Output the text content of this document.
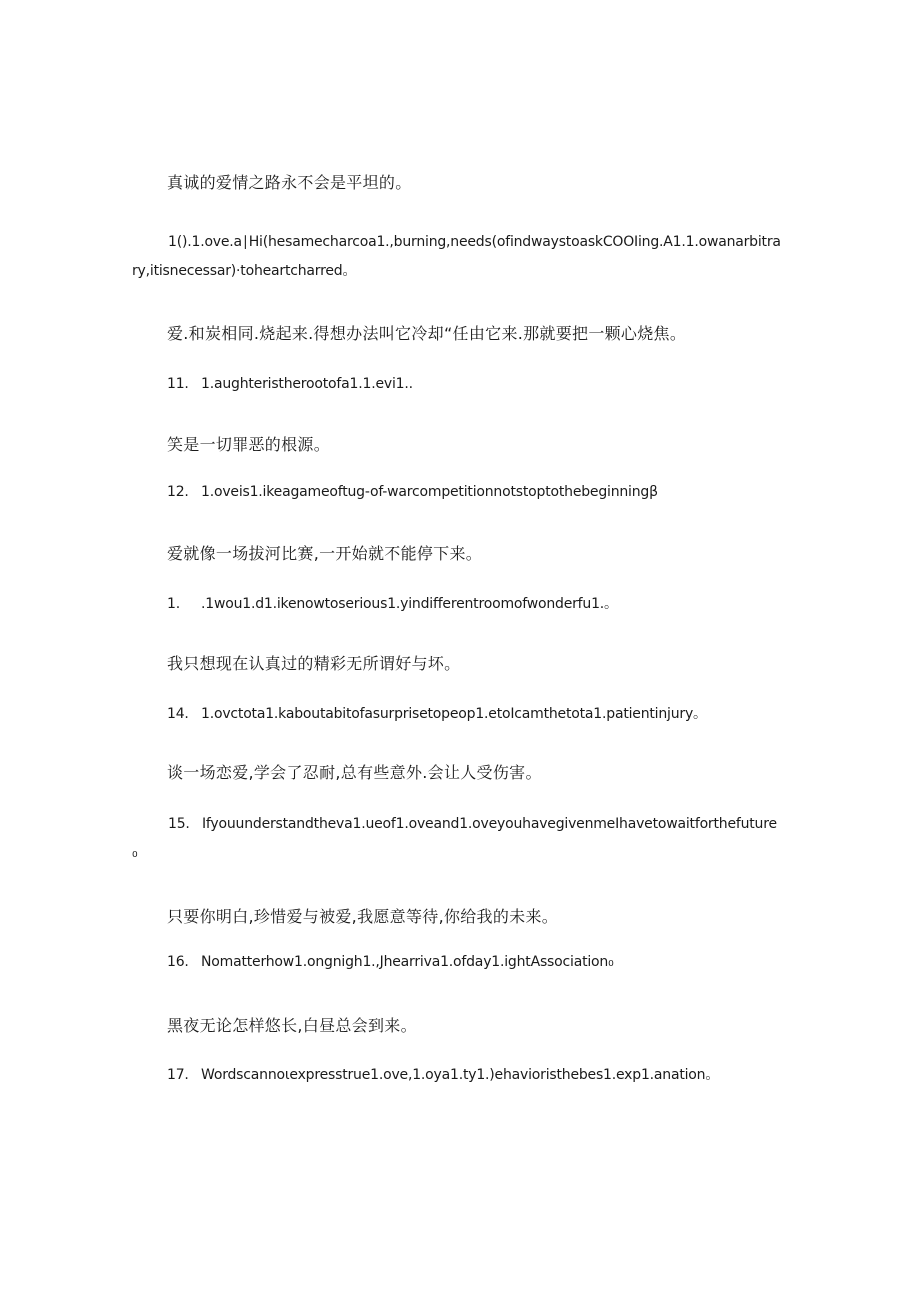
真诚的爱情之路永不会是平坦的。

1().1.ove.a∣Hi(hesamecharcoa1.,burning,needs(ofindwaystoaskCOOIing.A1.1.owanarbitrary,itisnecessar)·toheartcharred。

爱.和炭相同.烧起来.得想办法叫它冷却“任由它来.那就要把一颗心烧焦。

11. 1.aughteristherootofa1.1.evi1..

笑是一切罪恶的根源。

12. 1.oveis1.ikeagameoftug-of-warcompetitionnotstoptothebeginningβ

爱就像一场拔河比赛,一开始就不能停下来。

1. .1wou1.d1.ikenowtoserious1.yindifferentroomofwonderfu1.。

我只想现在认真过的精彩无所谓好与坏。

14. 1.ovctota1.kaboutabitofasurprisetopeop1.etoIcamthetota1.patientinjury。

谈一场恋爱,学会了忍耐,总有些意外.会让人受伤害。

15. Ifyouunderstandtheva1.ueof1.oveand1.oveyouhavegivenmeIhavetowaitforthefuture₀

只要你明白,珍惜爱与被爱,我愿意等待,你给我的未来。

16. Nomatterhow1.ongnigh1.,Jhearriva1.ofday1.ightAssociation₀

黑夜无论怎样悠长,白昼总会到来。

17. Wordscannoιexpresstrue1.ove,1.oya1.ty1.)ehavioristhebes1.exp1.anation。
